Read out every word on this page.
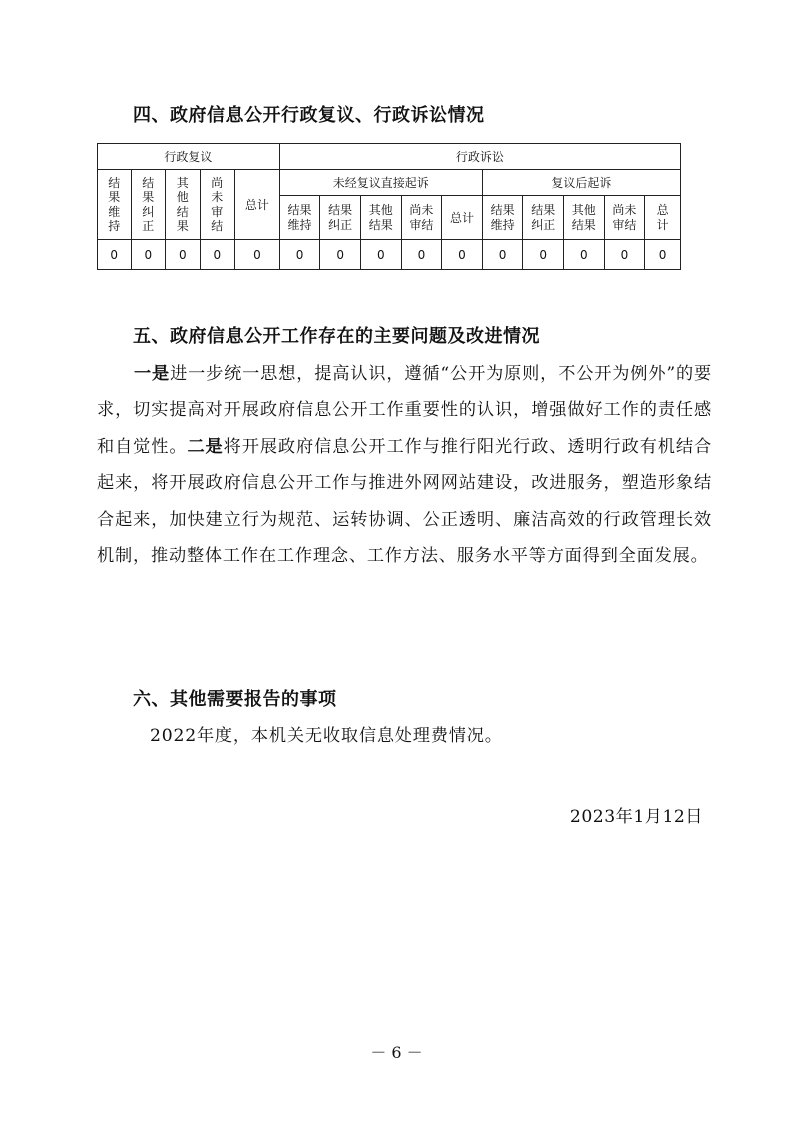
四、政府信息公开行政复议、行政诉讼情况
行政复议					行政诉讼									
结果维持	结果纠正	其他结果	尚未审结	总计	未经复议直接起诉					复议后起诉				
					结果维持	结果纠正	其他结果	尚未审结	总计	结果维持	结果纠正	其他结果	尚未审结	总计
0	0	0	0	0	0	0	0	0	0	0	0	0	0	0
五、政府信息公开工作存在的主要问题及改进情况

一是进一步统一思想，提高认识，遵循“公开为原则，不公开为例外”的要求，切实提高对开展政府信息公开工作重要性的认识，增强做好工作的责任感和自觉性。二是将开展政府信息公开工作与推行阳光行政、透明行政有机结合起来，将开展政府信息公开工作与推进外网网站建设，改进服务，塑造形象结合起来，加快建立行为规范、运转协调、公正透明、廉洁高效的行政管理长效机制，推动整体工作在工作理念、工作方法、服务水平等方面得到全面发展。

六、其他需要报告的事项

2022年度，本机关无收取信息处理费情况。

2023年1月12日

－ 6 －
